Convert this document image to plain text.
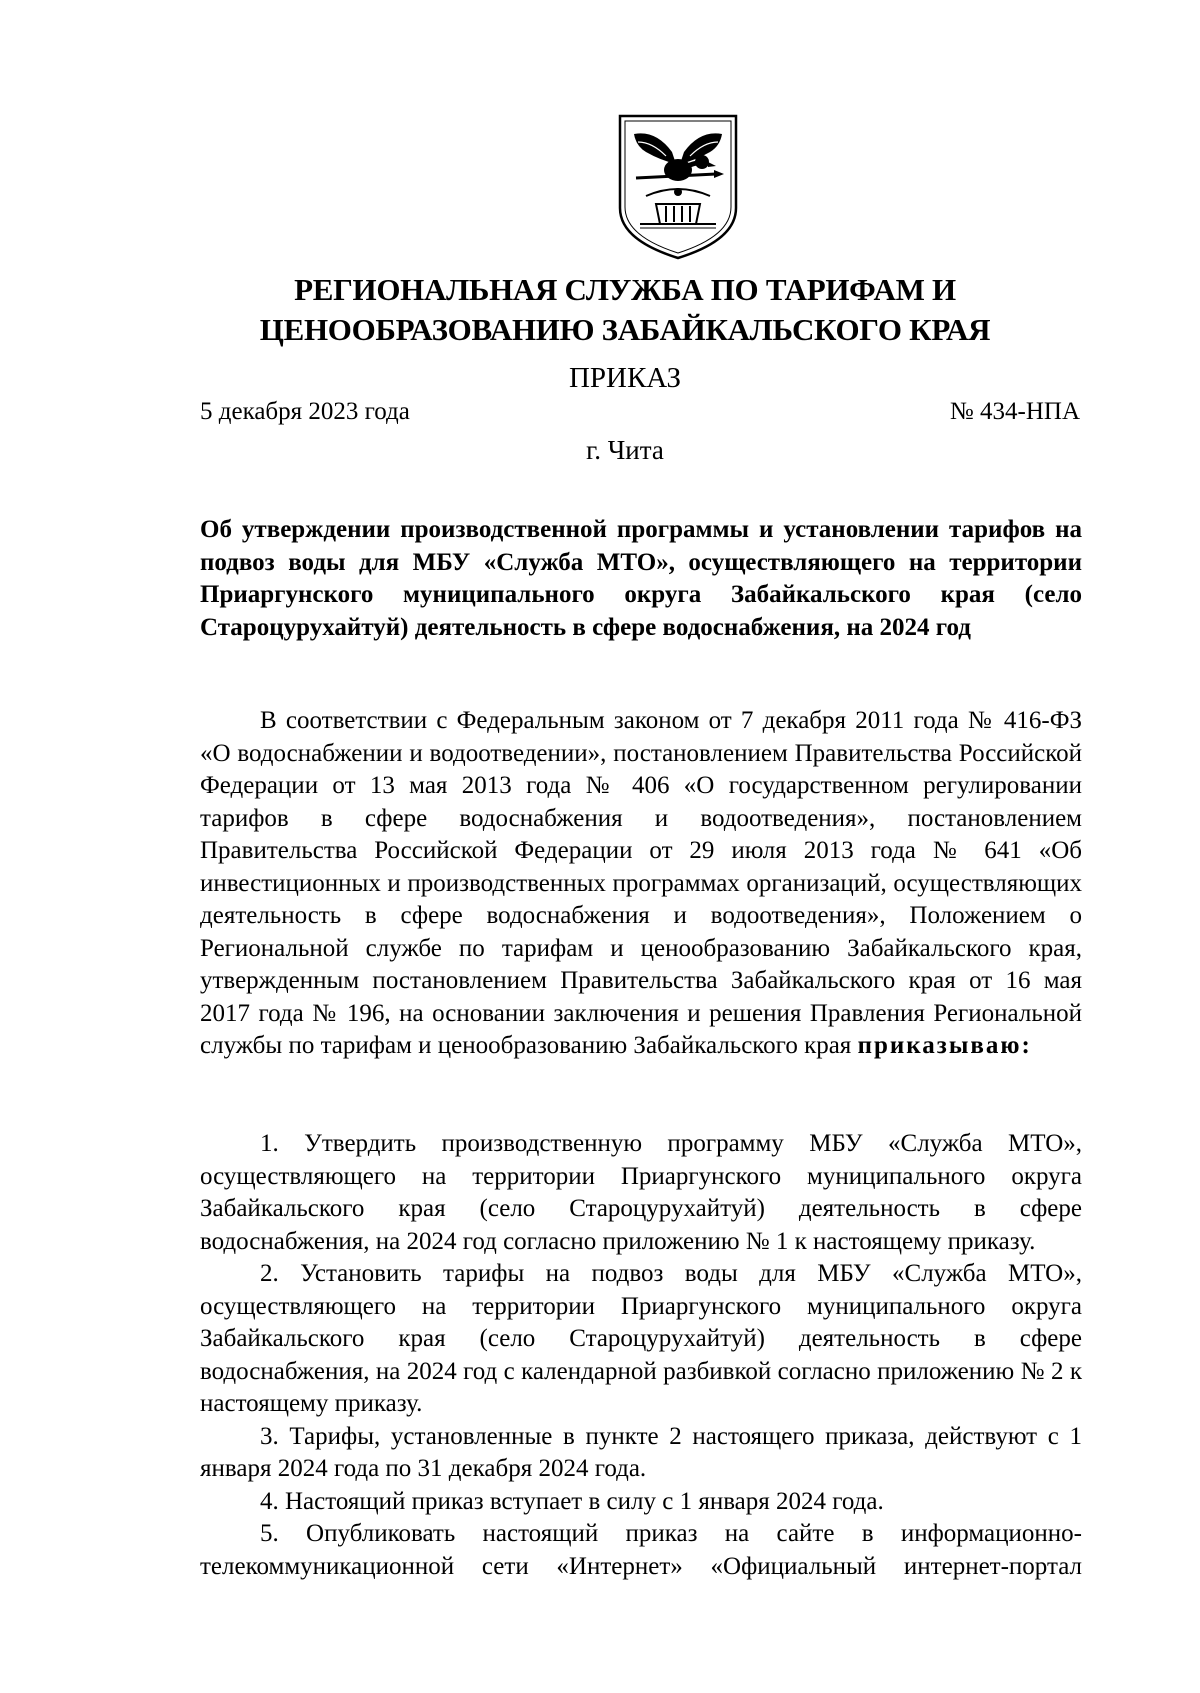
РЕГИОНАЛЬНАЯ СЛУЖБА ПО ТАРИФАМ И
ЦЕНООБРАЗОВАНИЮ ЗАБАЙКАЛЬСКОГО КРАЯ
ПРИКАЗ
5 декабря 2023 года	№ 434-НПА
г. Чита
Об утверждении производственной программы и установлении тарифов на подвоз воды для МБУ «Служба МТО», осуществляющего на территории Приаргунского муниципального округа Забайкальского края (село Староцурухайтуй) деятельность в сфере водоснабжения, на 2024 год

В соответствии с Федеральным законом от 7 декабря 2011 года № 416-ФЗ «О водоснабжении и водоотведении», постановлением Правительства Российской Федерации от 13 мая 2013 года № 406 «О государственном регулировании тарифов в сфере водоснабжения и водоотведения», постановлением Правительства Российской Федерации от 29 июля 2013 года № 641 «Об инвестиционных и производственных программах организаций, осуществляющих деятельность в сфере водоснабжения и водоотведения», Положением о Региональной службе по тарифам и ценообразованию Забайкальского края, утвержденным постановлением Правительства Забайкальского края от 16 мая 2017 года № 196, на основании заключения и решения Правления Региональной службы по тарифам и ценообразованию Забайкальского края приказываю:

1. Утвердить производственную программу МБУ «Служба МТО», осуществляющего на территории Приаргунского муниципального округа Забайкальского края (село Староцурухайтуй) деятельность в сфере водоснабжения, на 2024 год согласно приложению № 1 к настоящему приказу.

2. Установить тарифы на подвоз воды для МБУ «Служба МТО», осуществляющего на территории Приаргунского муниципального округа Забайкальского края (село Староцурухайтуй) деятельность в сфере водоснабжения, на 2024 год с календарной разбивкой согласно приложению № 2 к настоящему приказу.

3. Тарифы, установленные в пункте 2 настоящего приказа, действуют с 1 января 2024 года по 31 декабря 2024 года.

4. Настоящий приказ вступает в силу с 1 января 2024 года.

5. Опубликовать настоящий приказ на сайте в информационно-телекоммуникационной сети «Интернет» «Официальный интернет-портал
